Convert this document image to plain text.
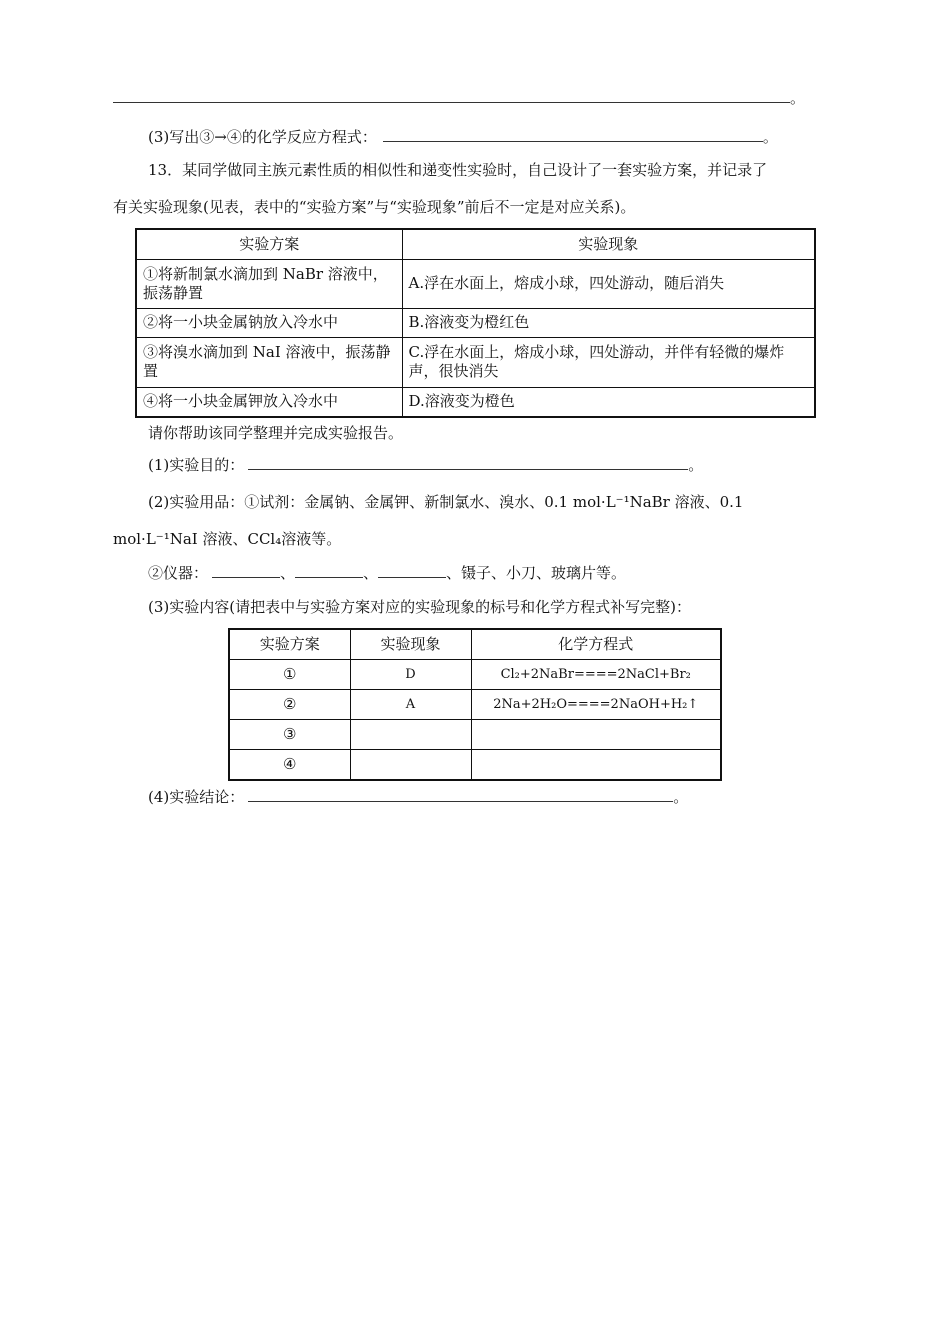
。
(3)写出③→④的化学反应方程式：	。
13．某同学做同主族元素性质的相似性和递变性实验时，自己设计了一套实验方案，并记录了
有关实验现象(见表，表中的“实验方案”与“实验现象”前后不一定是对应关系)。
实验方案	实验现象
①将新制氯水滴加到 NaBr 溶液中，振荡静置	A.浮在水面上，熔成小球，四处游动，随后消失
②将一小块金属钠放入冷水中	B.溶液变为橙红色
③将溴水滴加到 NaI 溶液中，振荡静置	C.浮在水面上，熔成小球，四处游动，并伴有轻微的爆炸声，很快消失
④将一小块金属钾放入冷水中	D.溶液变为橙色
请你帮助该同学整理并完成实验报告。
(1)实验目的：	。
(2)实验用品：①试剂：金属钠、金属钾、新制氯水、溴水、0.1 mol·L⁻¹NaBr 溶液、0.1
mol·L⁻¹NaI 溶液、CCl₄溶液等。
②仪器：	、	、	、镊子、小刀、玻璃片等。
(3)实验内容(请把表中与实验方案对应的实验现象的标号和化学方程式补写完整)：
实验方案	实验现象	化学方程式
①	D	Cl₂+2NaBr====2NaCl+Br₂
②	A	2Na+2H₂O====2NaOH+H₂↑
③		
④		
(4)实验结论：	。
